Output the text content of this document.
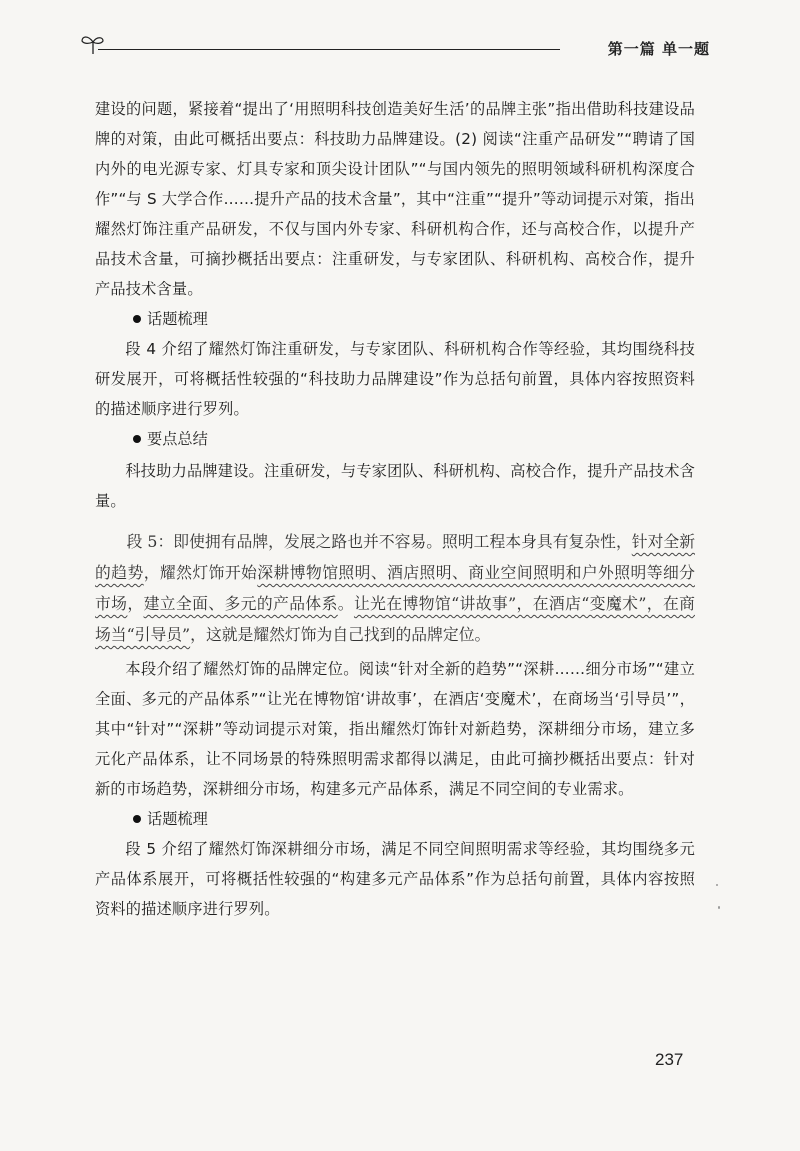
第一篇 单一题

建设的问题，紧接着“提出了‘用照明科技创造美好生活’的品牌主张”指出借助科技建设品牌的对策，由此可概括出要点：科技助力品牌建设。(2) 阅读“注重产品研发”“聘请了国内外的电光源专家、灯具专家和顶尖设计团队”“与国内领先的照明领域科研机构深度合作”“与 S 大学合作……提升产品的技术含量”，其中“注重”“提升”等动词提示对策，指出耀然灯饰注重产品研发，不仅与国内外专家、科研机构合作，还与高校合作，以提升产品技术含量，可摘抄概括出要点：注重研发，与专家团队、科研机构、高校合作，提升产品技术含量。

话题梳理

段 4 介绍了耀然灯饰注重研发，与专家团队、科研机构合作等经验，其均围绕科技研发展开，可将概括性较强的“科技助力品牌建设”作为总括句前置，具体内容按照资料的描述顺序进行罗列。

要点总结

科技助力品牌建设。注重研发，与专家团队、科研机构、高校合作，提升产品技术含量。

段 5：即使拥有品牌，发展之路也并不容易。照明工程本身具有复杂性，针对全新的趋势，耀然灯饰开始深耕博物馆照明、酒店照明、商业空间照明和户外照明等细分市场，建立全面、多元的产品体系。让光在博物馆“讲故事”，在酒店“变魔术”，在商场当“引导员”，这就是耀然灯饰为自己找到的品牌定位。

本段介绍了耀然灯饰的品牌定位。阅读“针对全新的趋势”“深耕……细分市场”“建立全面、多元的产品体系”“让光在博物馆‘讲故事’，在酒店‘变魔术’，在商场当‘引导员’”，其中“针对”“深耕”等动词提示对策，指出耀然灯饰针对新趋势，深耕细分市场，建立多元化产品体系，让不同场景的特殊照明需求都得以满足，由此可摘抄概括出要点：针对新的市场趋势，深耕细分市场，构建多元产品体系，满足不同空间的专业需求。

话题梳理

段 5 介绍了耀然灯饰深耕细分市场，满足不同空间照明需求等经验，其均围绕多元产品体系展开，可将概括性较强的“构建多元产品体系”作为总括句前置，具体内容按照资料的描述顺序进行罗列。

237
